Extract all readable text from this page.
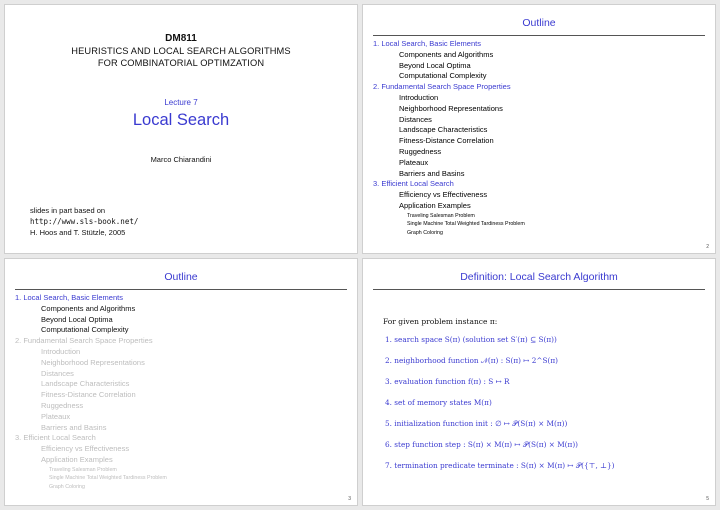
DM811
HEURISTICS AND LOCAL SEARCH ALGORITHMS
FOR COMBINATORIAL OPTIMZATION
Lecture 7
Local Search
Marco Chiarandini
slides in part based on
http://www.sls-book.net/
H. Hoos and T. Stützle, 2005
Outline
1. Local Search, Basic Elements
Components and Algorithms
Beyond Local Optima
Computational Complexity
2. Fundamental Search Space Properties
Introduction
Neighborhood Representations
Distances
Landscape Characteristics
Fitness-Distance Correlation
Ruggedness
Plateaux
Barriers and Basins
3. Efficient Local Search
Efficiency vs Effectiveness
Application Examples
Traveling Salesman Problem
Single Machine Total Weighted Tardiness Problem
Graph Coloring
2
Outline
1. Local Search, Basic Elements
Components and Algorithms
Beyond Local Optima
Computational Complexity
2. Fundamental Search Space Properties
Introduction
Neighborhood Representations
Distances
Landscape Characteristics
Fitness-Distance Correlation
Ruggedness
Plateaux
Barriers and Basins
3. Efficient Local Search
Efficiency vs Effectiveness
Application Examples
Traveling Salesman Problem
Single Machine Total Weighted Tardiness Problem
Graph Coloring
3
Definition: Local Search Algorithm
For given problem instance π:
1. search space S(π) (solution set S′(π) ⊆ S(π))
2. neighborhood function 𝒩(π) : S(π) ↦ 2^S(π)
3. evaluation function f(π) : S ↦ R
4. set of memory states M(π)
5. initialization function init : ∅ ↦ 𝒫(S(π) × M(π))
6. step function step : S(π) × M(π) ↦ 𝒫(S(π) × M(π))
7. termination predicate terminate : S(π) × M(π) ↦ 𝒫({⊤, ⊥})
5
